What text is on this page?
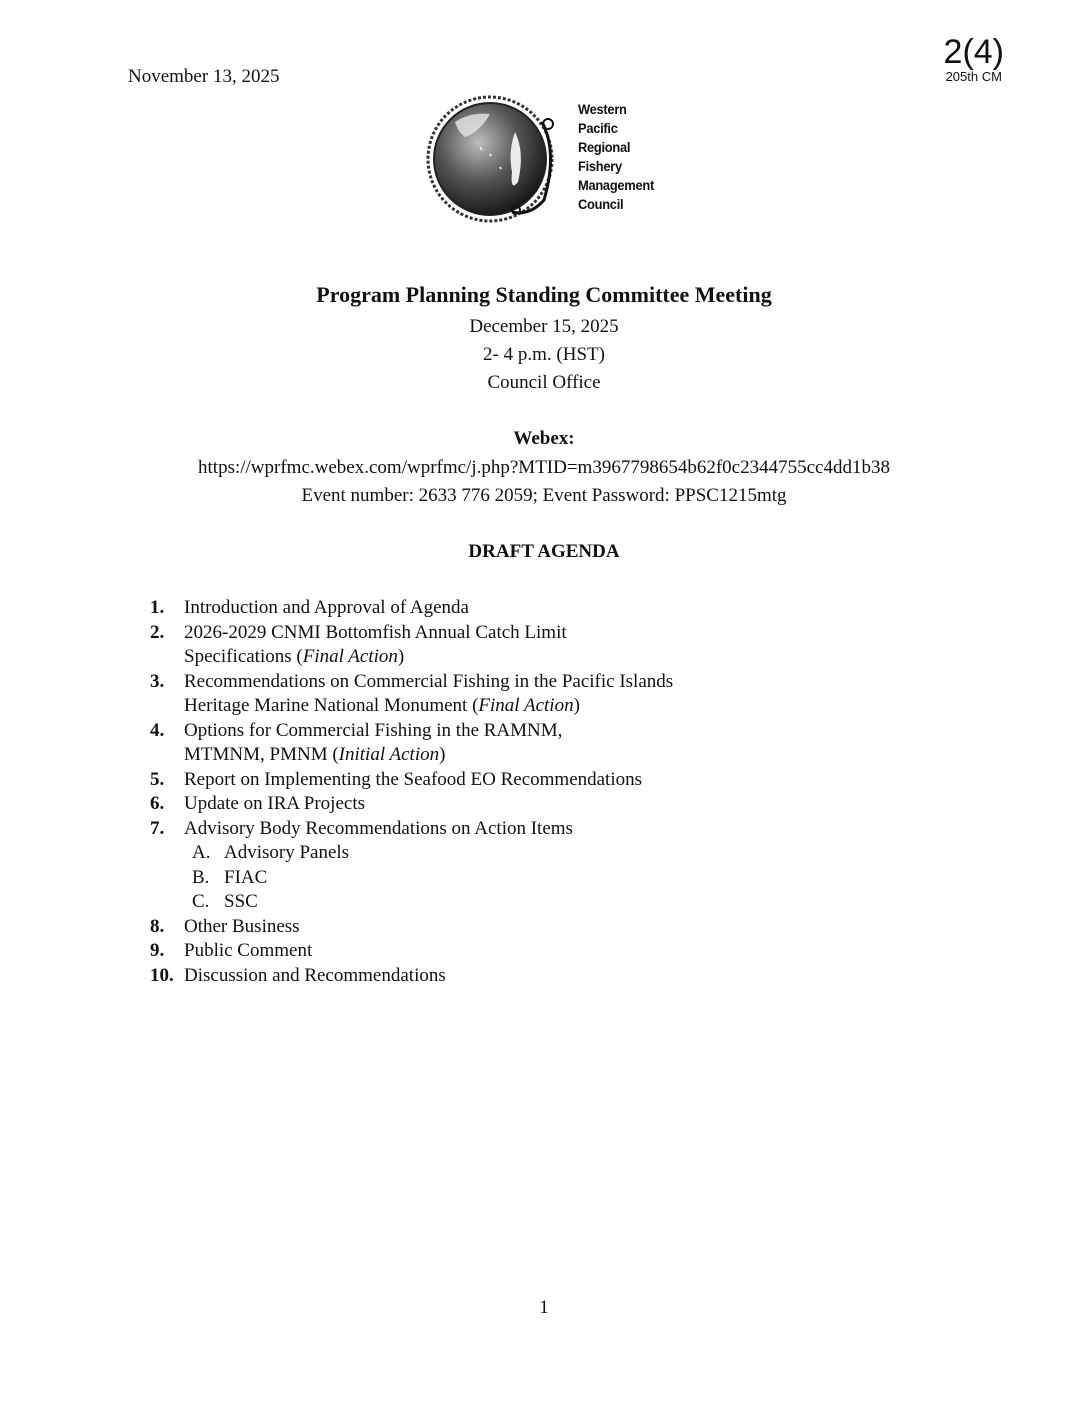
November 13, 2025
2(4)
205th CM
Western
Pacific
Regional
Fishery
Management
Council
Program Planning Standing Committee Meeting
December 15, 2025
2- 4 p.m. (HST)
Council Office
Webex:
https://wprfmc.webex.com/wprfmc/j.php?MTID=m3967798654b62f0c2344755cc4dd1b38
Event number: 2633 776 2059; Event Password: PPSC1215mtg
DRAFT AGENDA
1.	Introduction and Approval of Agenda
2.	2026-2029 CNMI Bottomfish Annual Catch Limit
Specifications (Final Action)
3.	Recommendations on Commercial Fishing in the Pacific Islands
Heritage Marine National Monument (Final Action)
4.	Options for Commercial Fishing in the RAMNM,
MTMNM, PMNM (Initial Action)
5.	Report on Implementing the Seafood EO Recommendations
6.	Update on IRA Projects
7.	Advisory Body Recommendations on Action Items
A. Advisory Panels
B. FIAC
C. SSC
8.	Other Business
9.	Public Comment
10. Discussion and Recommendations
1
